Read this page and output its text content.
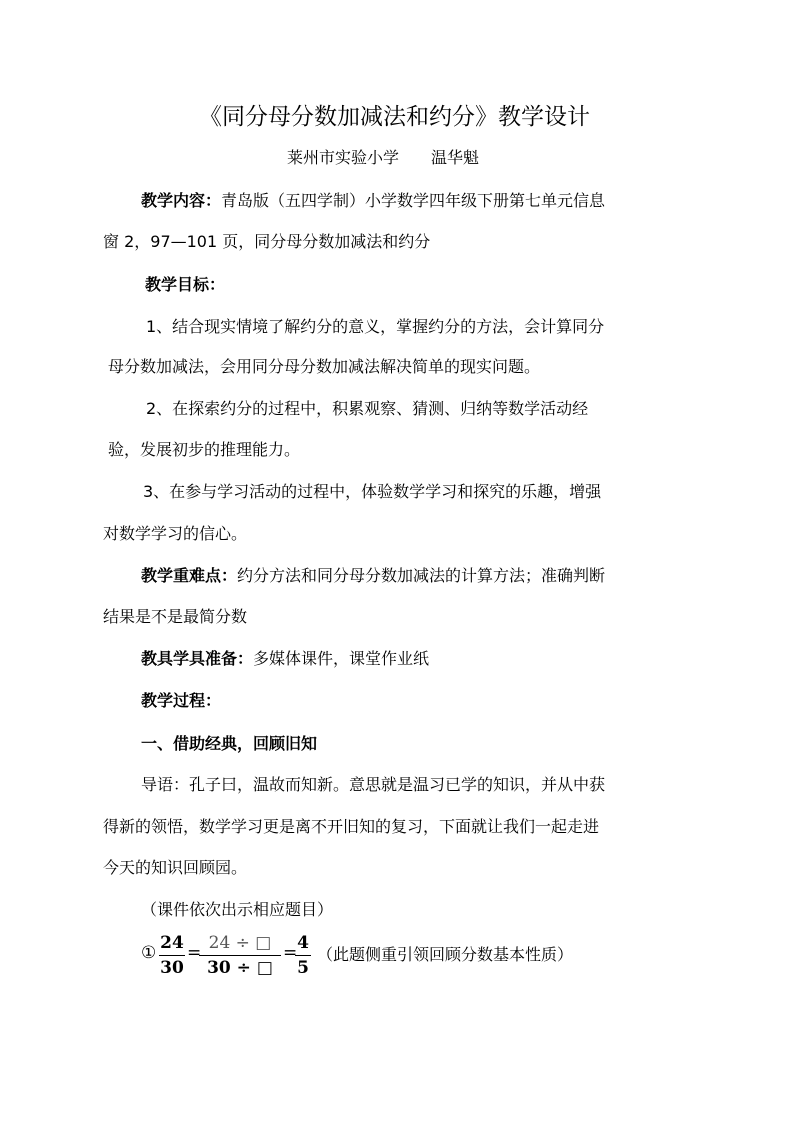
《同分母分数加减法和约分》教学设计
莱州市实验小学　　温华魁
教学内容：青岛版（五四学制）小学数学四年级下册第七单元信息
窗 2，97—101 页，同分母分数加减法和约分
教学目标：
1、结合现实情境了解约分的意义，掌握约分的方法，会计算同分
母分数加减法，会用同分母分数加减法解决简单的现实问题。
2、在探索约分的过程中，积累观察、猜测、归纳等数学活动经
验，发展初步的推理能力。
3、在参与学习活动的过程中，体验数学学习和探究的乐趣，增强
对数学学习的信心。
教学重难点：约分方法和同分母分数加减法的计算方法；准确判断
结果是不是最简分数
教具学具准备：多媒体课件，课堂作业纸
教学过程：
一、借助经典，回顾旧知
导语：孔子曰，温故而知新。意思就是温习已学的知识，并从中获
得新的领悟，数学学习更是离不开旧知的复习，下面就让我们一起走进
今天的知识回顾园。
（课件依次出示相应题目）
① 24
30
= 24 ÷ □
30 ÷ □
= 4
5
（此题侧重引领回顾分数基本性质）
